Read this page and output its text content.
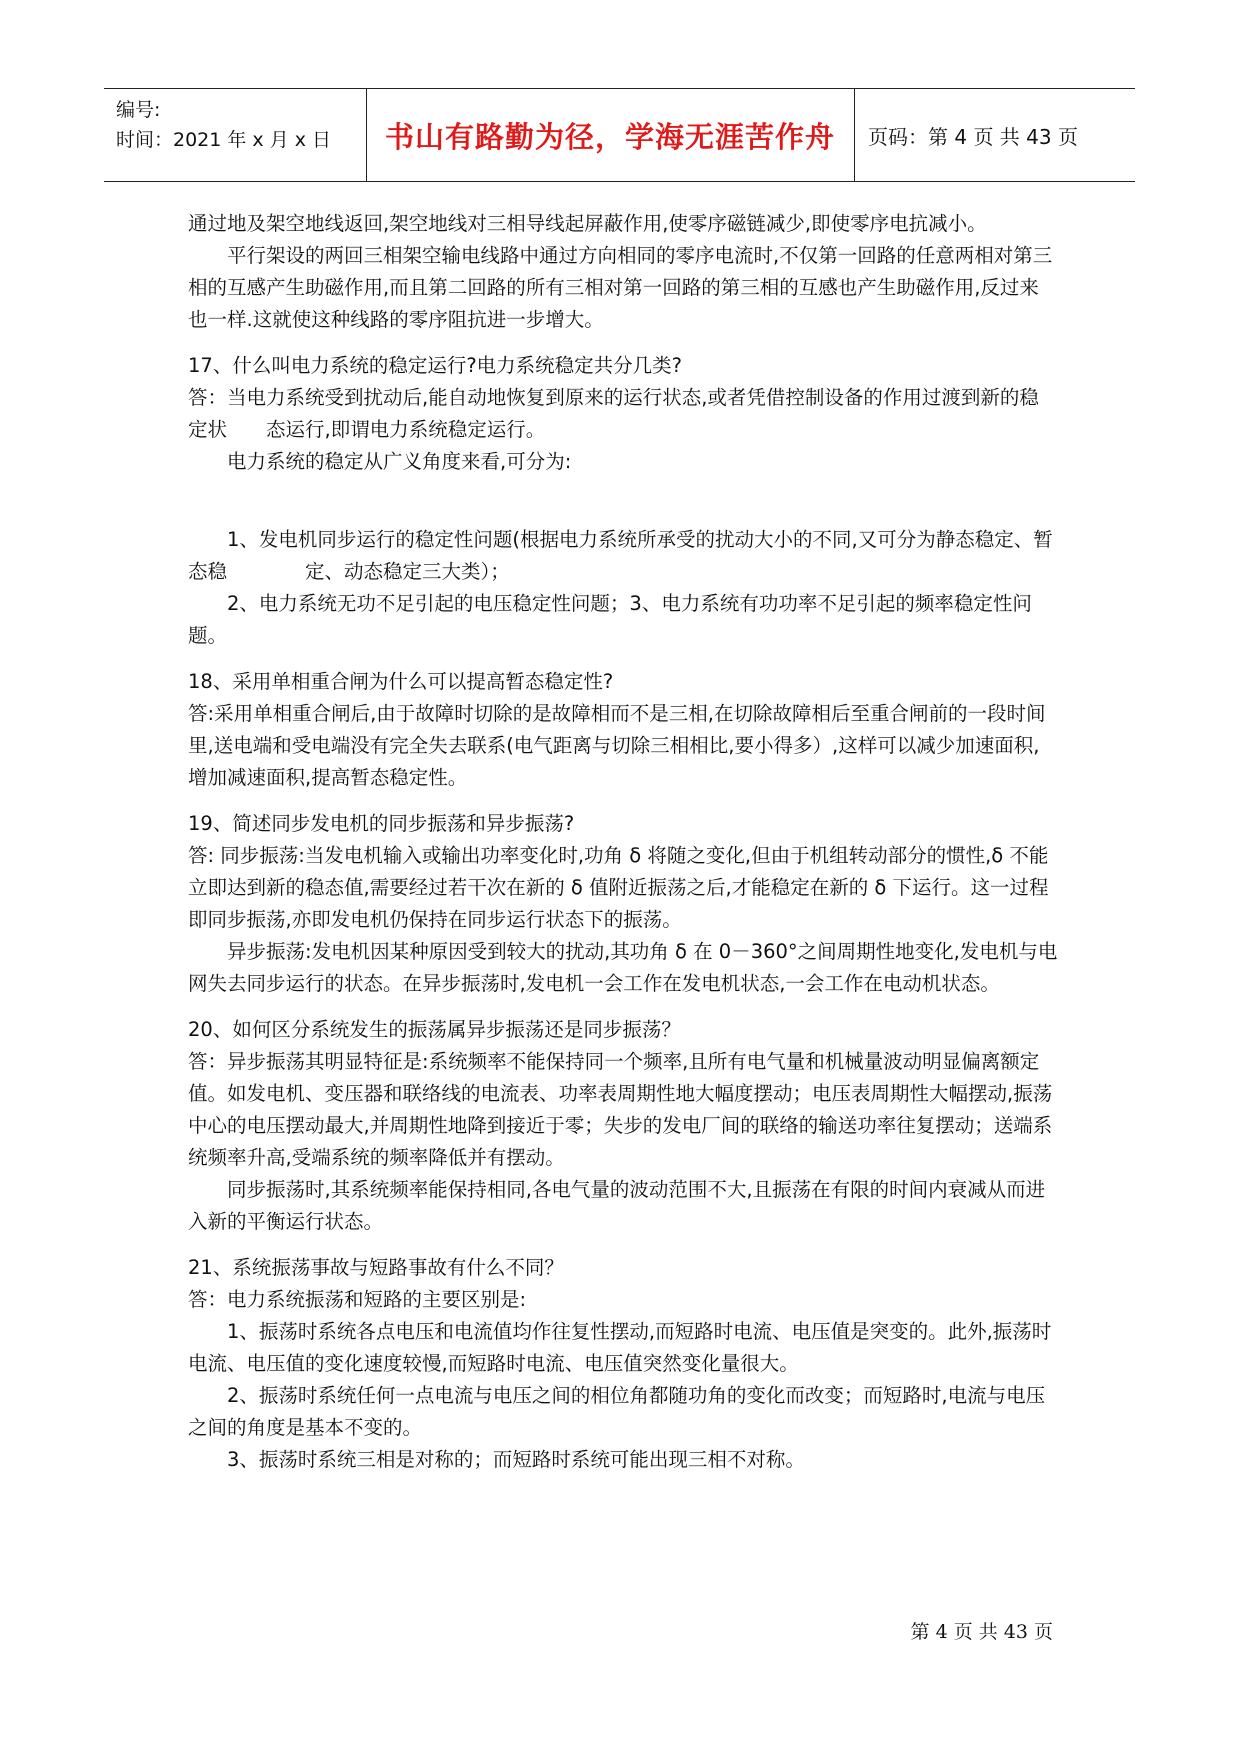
编号:
时间：2021 年 x 月 x 日	书山有路勤为径，学海无涯苦作舟	页码：第 4 页 共 43 页

通过地及架空地线返回,架空地线对三相导线起屏蔽作用,使零序磁链减少,即使零序电抗减小。

平行架设的两回三相架空输电线路中通过方向相同的零序电流时,不仅第一回路的任意两相对第三相的互感产生助磁作用,而且第二回路的所有三相对第一回路的第三相的互感也产生助磁作用,反过来也一样.这就使这种线路的零序阻抗进一步增大。

17、什么叫电力系统的稳定运行?电力系统稳定共分几类?

答：当电力系统受到扰动后,能自动地恢复到原来的运行状态,或者凭借控制设备的作用过渡到新的稳定状　　态运行,即谓电力系统稳定运行。

电力系统的稳定从广义角度来看,可分为:

1、发电机同步运行的稳定性问题(根据电力系统所承受的扰动大小的不同,又可分为静态稳定、暂态稳　　　　定、动态稳定三大类）；

2、电力系统无功不足引起的电压稳定性问题；3、电力系统有功功率不足引起的频率稳定性问题。

18、采用单相重合闸为什么可以提高暂态稳定性?

答:采用单相重合闸后,由于故障时切除的是故障相而不是三相,在切除故障相后至重合闸前的一段时间里,送电端和受电端没有完全失去联系(电气距离与切除三相相比,要小得多）,这样可以减少加速面积,增加减速面积,提高暂态稳定性。

19、简述同步发电机的同步振荡和异步振荡?

答: 同步振荡:当发电机输入或输出功率变化时,功角 δ 将随之变化,但由于机组转动部分的惯性,δ 不能立即达到新的稳态值,需要经过若干次在新的 δ 值附近振荡之后,才能稳定在新的 δ 下运行。这一过程即同步振荡,亦即发电机仍保持在同步运行状态下的振荡。

异步振荡:发电机因某种原因受到较大的扰动,其功角 δ 在 0－360°之间周期性地变化,发电机与电网失去同步运行的状态。在异步振荡时,发电机一会工作在发电机状态,一会工作在电动机状态。

20、如何区分系统发生的振荡属异步振荡还是同步振荡？

答：异步振荡其明显特征是:系统频率不能保持同一个频率,且所有电气量和机械量波动明显偏离额定值。如发电机、变压器和联络线的电流表、功率表周期性地大幅度摆动；电压表周期性大幅摆动,振荡中心的电压摆动最大,并周期性地降到接近于零；失步的发电厂间的联络的输送功率往复摆动；送端系统频率升高,受端系统的频率降低并有摆动。

同步振荡时,其系统频率能保持相同,各电气量的波动范围不大,且振荡在有限的时间内衰减从而进入新的平衡运行状态。

21、系统振荡事故与短路事故有什么不同？

答：电力系统振荡和短路的主要区别是:

1、振荡时系统各点电压和电流值均作往复性摆动,而短路时电流、电压值是突变的。此外,振荡时电流、电压值的变化速度较慢,而短路时电流、电压值突然变化量很大。

2、振荡时系统任何一点电流与电压之间的相位角都随功角的变化而改变；而短路时,电流与电压之间的角度是基本不变的。

3、振荡时系统三相是对称的；而短路时系统可能出现三相不对称。

第 4 页 共 43 页
